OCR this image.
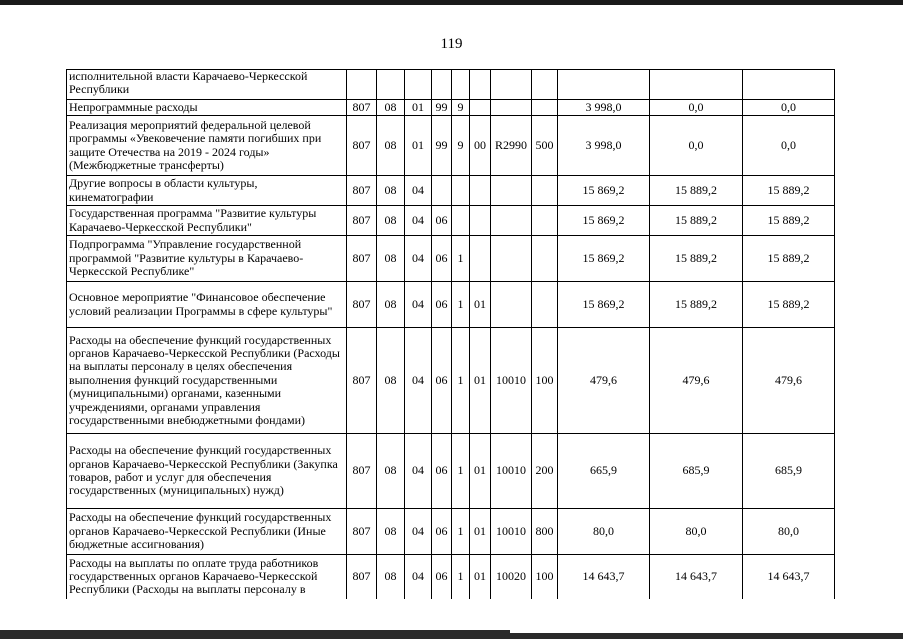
119
исполнительной власти Карачаево-Черкесской Республики											
Непрограммные расходы	807	08	01	99	9				3 998,0	0,0	0,0
Реализация мероприятий федеральной целевой программы «Увековечение памяти погибших при защите Отечества на 2019 - 2024 годы» (Межбюджетные трансферты)	807	08	01	99	9	00	R2990	500	3 998,0	0,0	0,0
Другие вопросы в области культуры, кинематографии	807	08	04						15 869,2	15 889,2	15 889,2
Государственная программа "Развитие культуры Карачаево-Черкесской Республики"	807	08	04	06					15 869,2	15 889,2	15 889,2
Подпрограмма "Управление государственной программой "Развитие культуры в Карачаево-Черкесской Республике"	807	08	04	06	1				15 869,2	15 889,2	15 889,2
Основное мероприятие "Финансовое обеспечение условий реализации Программы в сфере культуры"	807	08	04	06	1	01			15 869,2	15 889,2	15 889,2
Расходы на обеспечение функций государственных органов Карачаево-Черкесской Республики (Расходы на выплаты персоналу в целях обеспечения выполнения функций государственными (муниципальными) органами, казенными учреждениями, органами управления государственными внебюджетными фондами)	807	08	04	06	1	01	10010	100	479,6	479,6	479,6
Расходы на обеспечение функций государственных органов Карачаево-Черкесской Республики (Закупка товаров, работ и услуг для обеспечения государственных (муниципальных) нужд)	807	08	04	06	1	01	10010	200	665,9	685,9	685,9
Расходы на обеспечение функций государственных органов Карачаево-Черкесской Республики (Иные бюджетные ассигнования)	807	08	04	06	1	01	10010	800	80,0	80,0	80,0
Расходы на выплаты по оплате труда работников государственных органов Карачаево-Черкесской Республики (Расходы на выплаты персоналу в	807	08	04	06	1	01	10020	100	14 643,7	14 643,7	14 643,7
